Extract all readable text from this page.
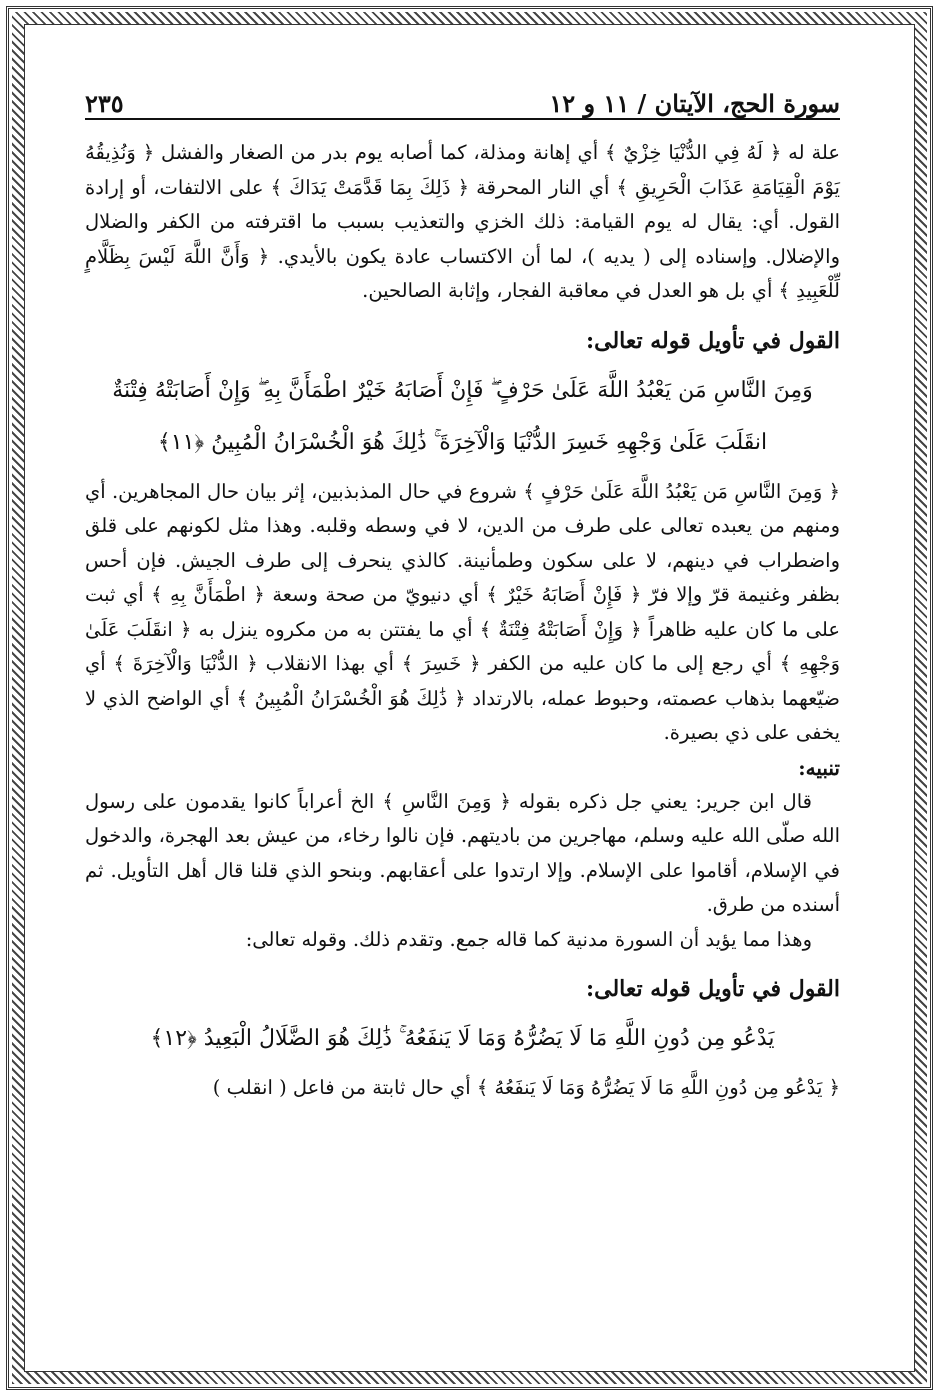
سورة الحج، الآيتان / ١١ و ١٢
٢٣٥

علة له ﴿ لَهُ فِي الدُّنْيَا خِزْيٌ ﴾ أي إهانة ومذلة، كما أصابه يوم بدر من الصغار والفشل ﴿ وَنُذِيقُهُ يَوْمَ الْقِيَامَةِ عَذَابَ الْحَرِيقِ ﴾ أي النار المحرقة ﴿ ذَلِكَ بِمَا قَدَّمَتْ يَدَاكَ ﴾ على الالتفات، أو إرادة القول. أي: يقال له يوم القيامة: ذلك الخزي والتعذيب بسبب ما اقترفته من الكفر والضلال والإضلال. وإسناده إلى ( يديه )، لما أن الاكتساب عادة يكون بالأيدي. ﴿ وَأَنَّ اللَّهَ لَيْسَ بِظَلَّامٍ لِّلْعَبِيدِ ﴾ أي بل هو العدل في معاقبة الفجار، وإثابة الصالحين.

القول في تأويل قوله تعالى:

وَمِنَ النَّاسِ مَن يَعْبُدُ اللَّهَ عَلَىٰ حَرْفٍ ۖ فَإِنْ أَصَابَهُ خَيْرٌ اطْمَأَنَّ بِهِ ۖ وَإِنْ أَصَابَتْهُ فِتْنَةٌ انقَلَبَ عَلَىٰ وَجْهِهِ خَسِرَ الدُّنْيَا وَالْآخِرَةَ ۚ ذَٰلِكَ هُوَ الْخُسْرَانُ الْمُبِينُ ﴿١١﴾

﴿ وَمِنَ النَّاسِ مَن يَعْبُدُ اللَّهَ عَلَىٰ حَرْفٍ ﴾ شروع في حال المذبذبين، إثر بيان حال المجاهرين. أي ومنهم من يعبده تعالى على طرف من الدين، لا في وسطه وقلبه. وهذا مثل لكونهم على قلق واضطراب في دينهم، لا على سكون وطمأنينة. كالذي ينحرف إلى طرف الجيش. فإن أحس بظفر وغنيمة قرّ وإلا فرّ ﴿ فَإِنْ أَصَابَهُ خَيْرٌ ﴾ أي دنيويّ من صحة وسعة ﴿ اطْمَأَنَّ بِهِ ﴾ أي ثبت على ما كان عليه ظاهراً ﴿ وَإِنْ أَصَابَتْهُ فِتْنَةٌ ﴾ أي ما يفتتن به من مكروه ينزل به ﴿ انقَلَبَ عَلَىٰ وَجْهِهِ ﴾ أي رجع إلى ما كان عليه من الكفر ﴿ خَسِرَ ﴾ أي بهذا الانقلاب ﴿ الدُّنْيَا وَالْآخِرَةَ ﴾ أي ضيّعهما بذهاب عصمته، وحبوط عمله، بالارتداد ﴿ ذَٰلِكَ هُوَ الْخُسْرَانُ الْمُبِينُ ﴾ أي الواضح الذي لا يخفى على ذي بصيرة.

تنبيه:

قال ابن جرير: يعني جل ذكره بقوله ﴿ وَمِنَ النَّاسِ ﴾ الخ أعراباً كانوا يقدمون على رسول الله صلّى الله عليه وسلم، مهاجرين من باديتهم. فإن نالوا رخاء، من عيش بعد الهجرة، والدخول في الإسلام، أقاموا على الإسلام. وإلا ارتدوا على أعقابهم. وبنحو الذي قلنا قال أهل التأويل. ثم أسنده من طرق.

وهذا مما يؤيد أن السورة مدنية كما قاله جمع. وتقدم ذلك. وقوله تعالى:

القول في تأويل قوله تعالى:

يَدْعُو مِن دُونِ اللَّهِ مَا لَا يَضُرُّهُ وَمَا لَا يَنفَعُهُ ۚ ذَٰلِكَ هُوَ الضَّلَالُ الْبَعِيدُ ﴿١٢﴾

﴿ يَدْعُو مِن دُونِ اللَّهِ مَا لَا يَضُرُّهُ وَمَا لَا يَنفَعُهُ ﴾ أي حال ثابتة من فاعل ( انقلب )
